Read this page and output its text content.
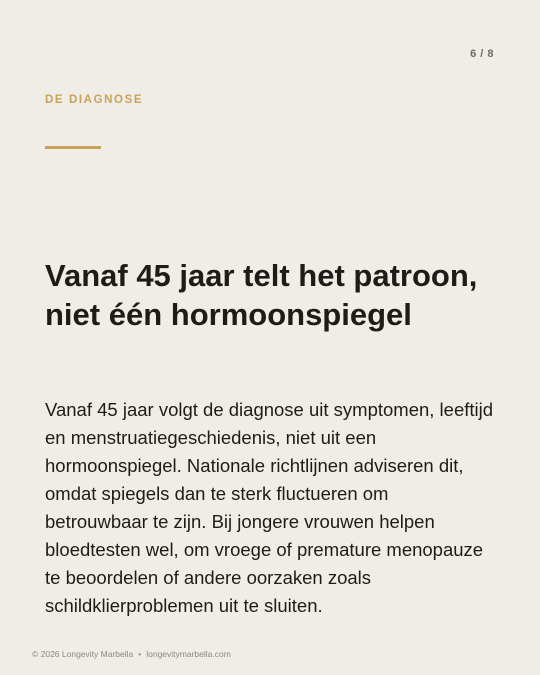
6 / 8
DE DIAGNOSE
Vanaf 45 jaar telt het patroon, niet één hormoonspiegel

Vanaf 45 jaar volgt de diagnose uit symptomen, leeftijd en menstruatiegeschiedenis, niet uit een hormoonspiegel. Nationale richtlijnen adviseren dit, omdat spiegels dan te sterk fluctueren om betrouwbaar te zijn. Bij jongere vrouwen helpen bloedtesten wel, om vroege of premature menopauze te beoordelen of andere oorzaken zoals schildklierproblemen uit te sluiten.

© 2026 Longevity Marbella • longevitymarbella.com
